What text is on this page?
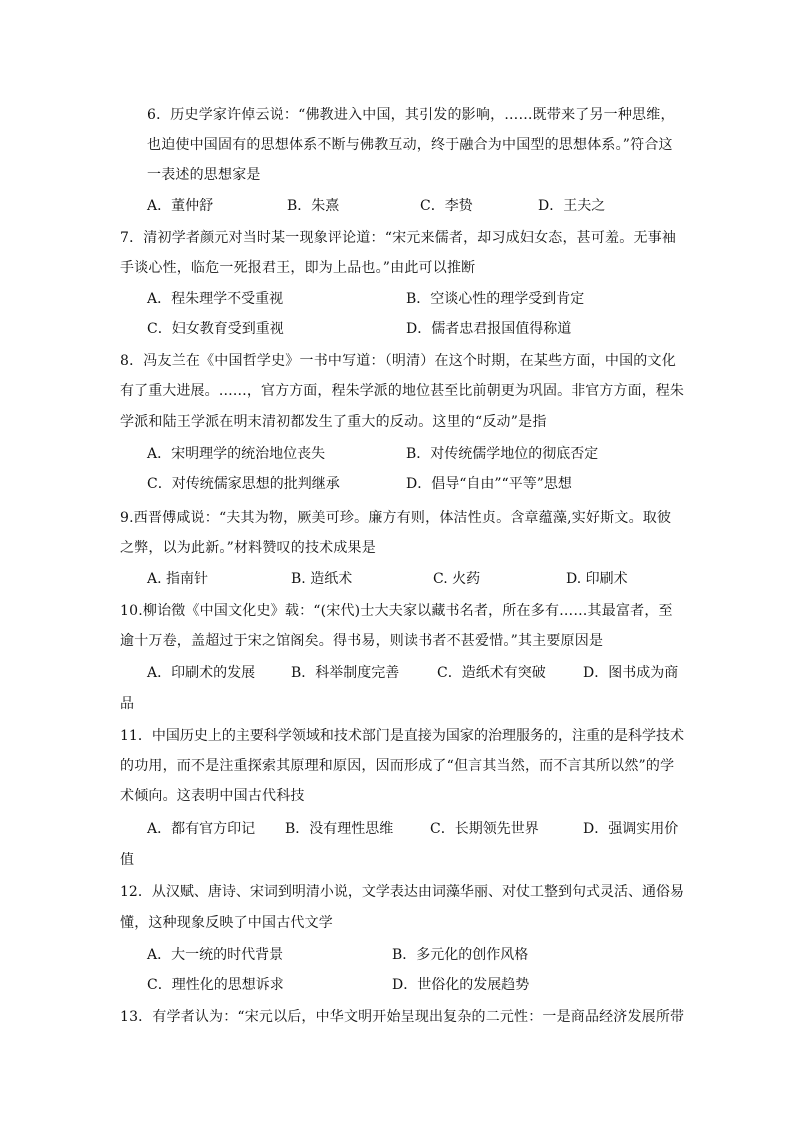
6．历史学家许倬云说：“佛教进入中国，其引发的影响，……既带来了另一种思维，
也迫使中国固有的思想体系不断与佛教互动，终于融合为中国型的思想体系。”符合这
一表述的思想家是
A．董仲舒	B．朱熹	C．李贽	D．王夫之
7．清初学者颜元对当时某一现象评论道：“宋元来儒者，却习成妇女态，甚可羞。无事袖
手谈心性，临危一死报君王，即为上品也。”由此可以推断
A．程朱理学不受重视	B．空谈心性的理学受到肯定
C．妇女教育受到重视	D．儒者忠君报国值得称道
8．冯友兰在《中国哲学史》一书中写道：（明清）在这个时期，在某些方面，中国的文化
有了重大进展。……，官方方面，程朱学派的地位甚至比前朝更为巩固。非官方方面，程朱
学派和陆王学派在明末清初都发生了重大的反动。这里的“反动”是指
A．宋明理学的统治地位丧失	B．对传统儒学地位的彻底否定
C．对传统儒家思想的批判继承	D．倡导“自由”“平等”思想
9.西晋傅咸说：“夫其为物，厥美可珍。廉方有则，体洁性贞。含章蕴藻,实好斯文。取彼
之弊，以为此新。”材料赞叹的技术成果是
A. 指南针	B. 造纸术	C. 火药	D. 印刷术
10.柳诒徵《中国文化史》载：“(宋代)士大夫家以藏书名者，所在多有……其最富者，至
逾十万卷，盖超过于宋之馆阁矣。得书易，则读书者不甚爱惜。”其主要原因是
A．印刷术的发展	B．科举制度完善	C．造纸术有突破	D．图书成为商
品
11．中国历史上的主要科学领域和技术部门是直接为国家的治理服务的，注重的是科学技术
的功用，而不是注重探索其原理和原因，因而形成了“但言其当然，而不言其所以然”的学
术倾向。这表明中国古代科技
A．都有官方印记 B．没有理性思维	C．长期领先世界	D．强调实用价
值
12．从汉赋、唐诗、宋词到明清小说，文学表达由词藻华丽、对仗工整到句式灵活、通俗易
懂，这种现象反映了中国古代文学
A．大一统的时代背景	B．多元化的创作风格
C．理性化的思想诉求	D．世俗化的发展趋势
13．有学者认为：“宋元以后，中华文明开始呈现出复杂的二元性：一是商品经济发展所带
